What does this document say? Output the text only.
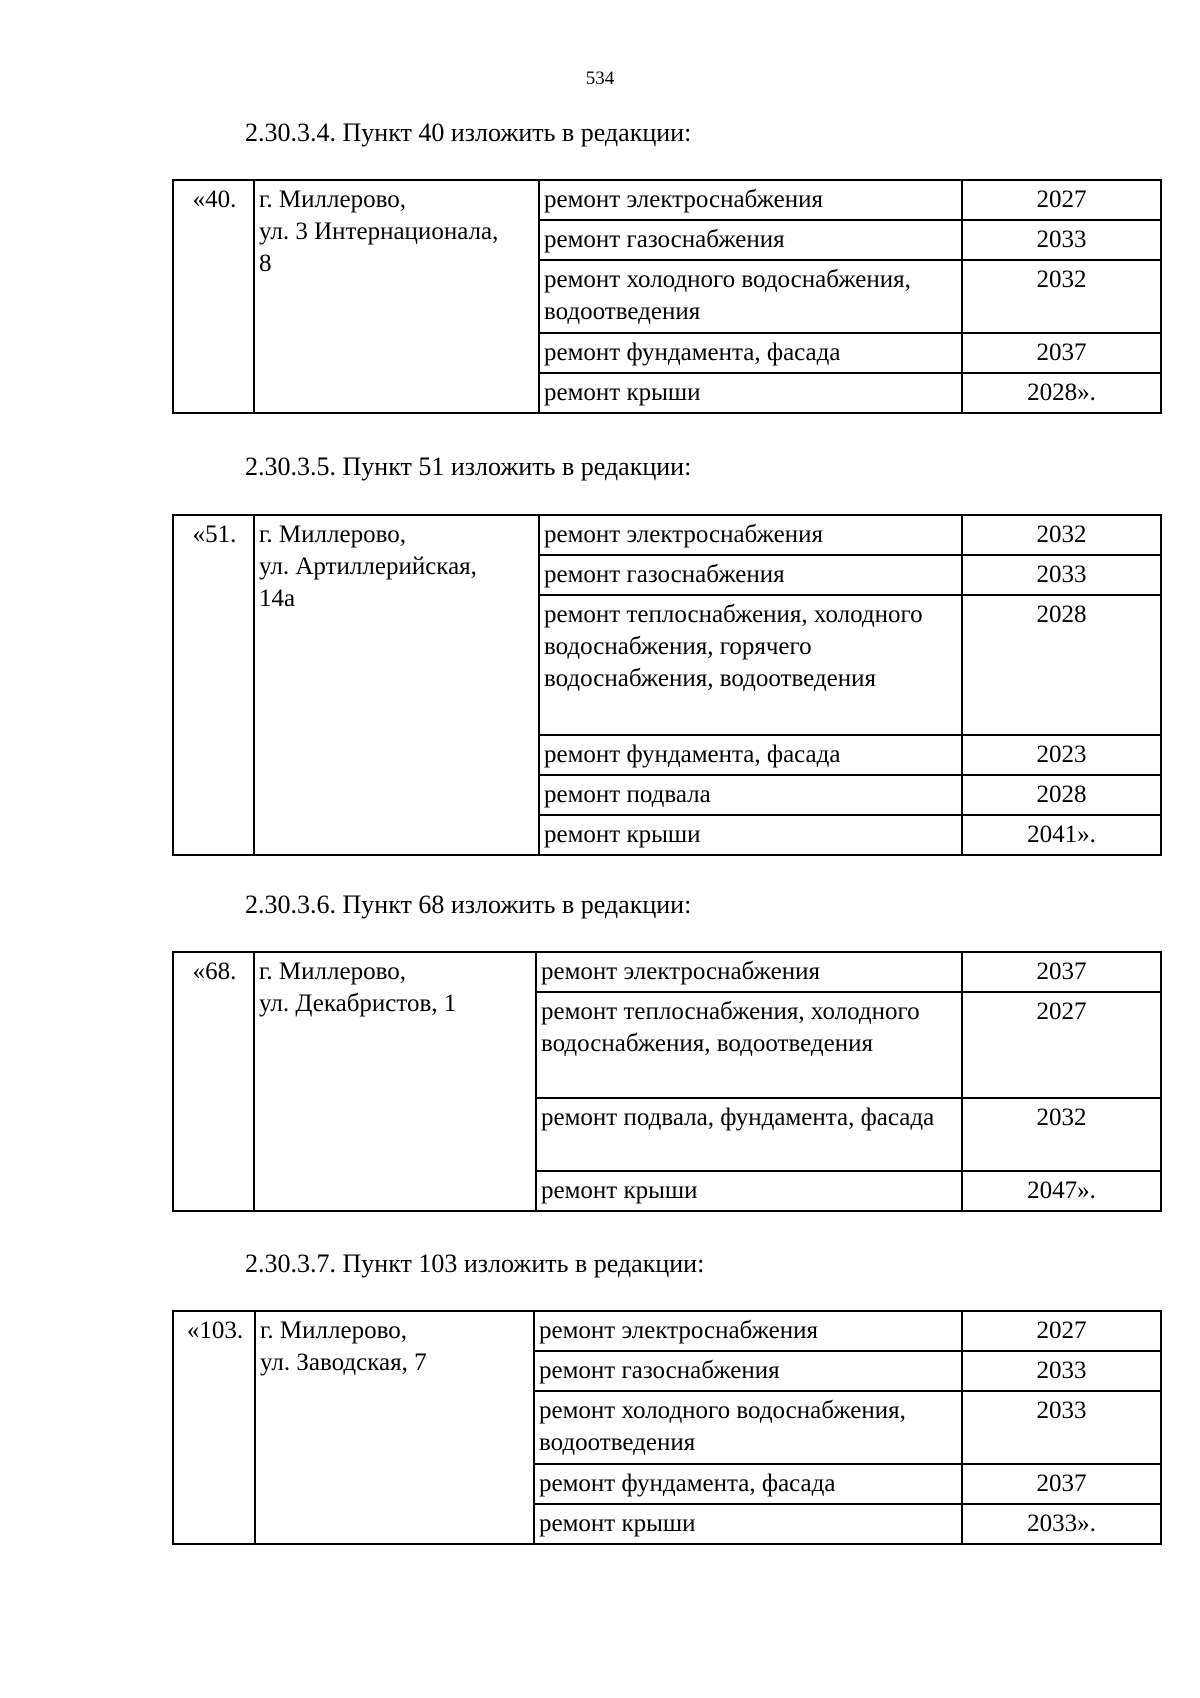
534
2.30.3.4. Пункт 40 изложить в редакции:
«40.	г. Миллерово,
ул. 3 Интернационала,
8	ремонт электроснабжения	2027
		ремонт газоснабжения	2033
		ремонт холодного водоснабжения, водоотведения	2032
		ремонт фундамента, фасада	2037
		ремонт крыши	2028».
2.30.3.5. Пункт 51 изложить в редакции:
«51.	г. Миллерово,
ул. Артиллерийская,
14а	ремонт электроснабжения	2032
		ремонт газоснабжения	2033
		ремонт теплоснабжения, холодного водоснабжения, горячего водоснабжения, водоотведения	2028
		ремонт фундамента, фасада	2023
		ремонт подвала	2028
		ремонт крыши	2041».
2.30.3.6. Пункт 68 изложить в редакции:
«68.	г. Миллерово,
ул. Декабристов, 1	ремонт электроснабжения	2037
		ремонт теплоснабжения, холодного водоснабжения, водоотведения	2027
		ремонт подвала, фундамента, фасада	2032
		ремонт крыши	2047».
2.30.3.7. Пункт 103 изложить в редакции:
«103.	г. Миллерово,
ул. Заводская, 7	ремонт электроснабжения	2027
		ремонт газоснабжения	2033
		ремонт холодного водоснабжения, водоотведения	2033
		ремонт фундамента, фасада	2037
		ремонт крыши	2033».
